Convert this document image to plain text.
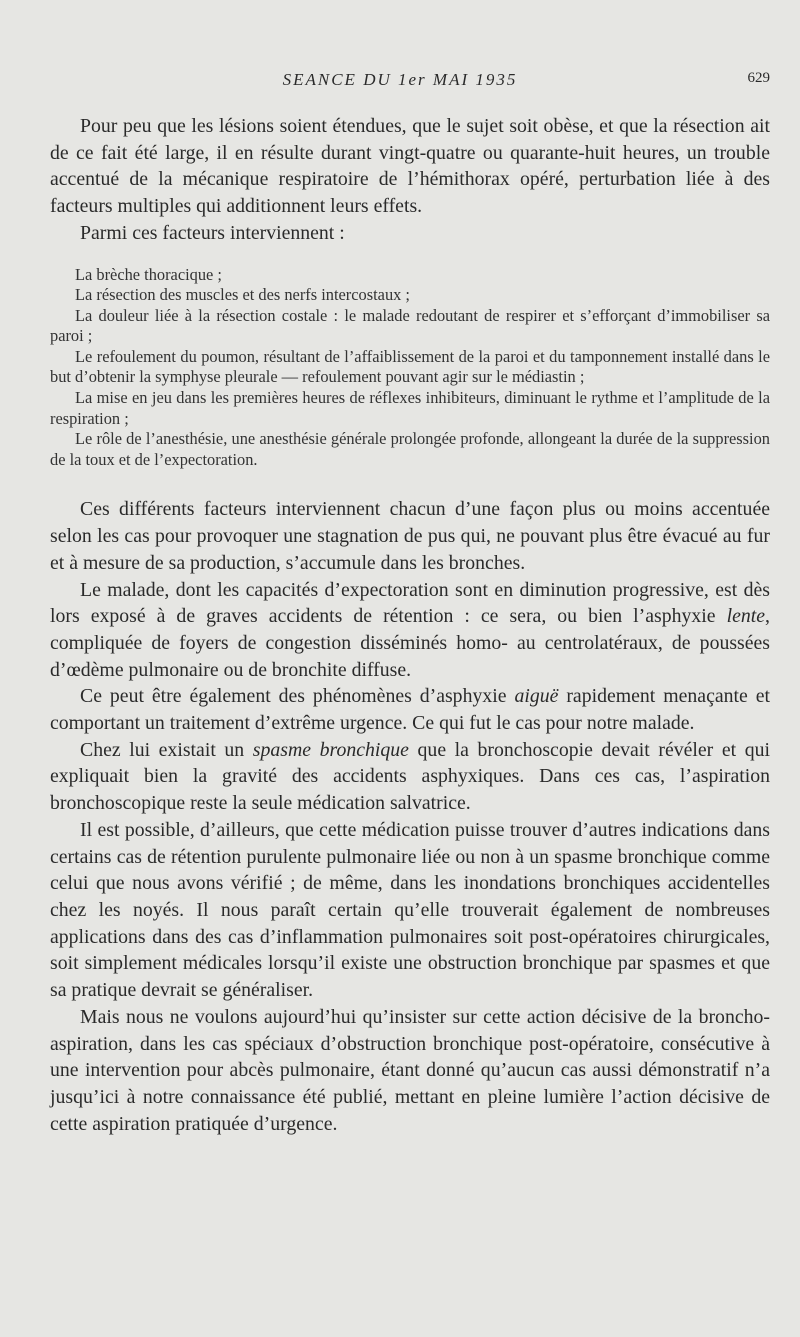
SEANCE DU 1er MAI 1935	629

Pour peu que les lésions soient étendues, que le sujet soit obèse, et que la résection ait de ce fait été large, il en résulte durant vingt-quatre ou quarante-huit heures, un trouble accentué de la mécanique respiratoire de l’hémithorax opéré, perturbation liée à des facteurs multiples qui additionnent leurs effets.

Parmi ces facteurs interviennent :

La brèche thoracique ;

La résection des muscles et des nerfs intercostaux ;

La douleur liée à la résection costale : le malade redoutant de respirer et s’efforçant d’immobiliser sa paroi ;

Le refoulement du poumon, résultant de l’affaiblissement de la paroi et du tamponnement installé dans le but d’obtenir la symphyse pleurale — refoulement pouvant agir sur le médiastin ;

La mise en jeu dans les premières heures de réflexes inhibiteurs, diminuant le rythme et l’amplitude de la respiration ;

Le rôle de l’anesthésie, une anesthésie générale prolongée profonde, allongeant la durée de la suppression de la toux et de l’expectoration.

Ces différents facteurs interviennent chacun d’une façon plus ou moins accentuée selon les cas pour provoquer une stagnation de pus qui, ne pouvant plus être évacué au fur et à mesure de sa production, s’accumule dans les bronches.

Le malade, dont les capacités d’expectoration sont en diminution progressive, est dès lors exposé à de graves accidents de rétention : ce sera, ou bien l’asphyxie lente, compliquée de foyers de congestion disséminés homo- au centrolatéraux, de poussées d’œdème pulmonaire ou de bronchite diffuse.

Ce peut être également des phénomènes d’asphyxie aiguë rapidement menaçante et comportant un traitement d’extrême urgence. Ce qui fut le cas pour notre malade.

Chez lui existait un spasme bronchique que la bronchoscopie devait révéler et qui expliquait bien la gravité des accidents asphyxiques. Dans ces cas, l’aspiration bronchoscopique reste la seule médication salvatrice.

Il est possible, d’ailleurs, que cette médication puisse trouver d’autres indications dans certains cas de rétention purulente pulmonaire liée ou non à un spasme bronchique comme celui que nous avons vérifié ; de même, dans les inondations bronchiques accidentelles chez les noyés. Il nous paraît certain qu’elle trouverait également de nombreuses applications dans des cas d’inflammation pulmonaires soit post-opératoires chirurgicales, soit simplement médicales lorsqu’il existe une obstruction bronchique par spasmes et que sa pratique devrait se généraliser.

Mais nous ne voulons aujourd’hui qu’insister sur cette action décisive de la broncho-aspiration, dans les cas spéciaux d’obstruction bronchique post-opératoire, consécutive à une intervention pour abcès pulmonaire, étant donné qu’aucun cas aussi démonstratif n’a jusqu’ici à notre connaissance été publié, mettant en pleine lumière l’action décisive de cette aspiration pratiquée d’urgence.
